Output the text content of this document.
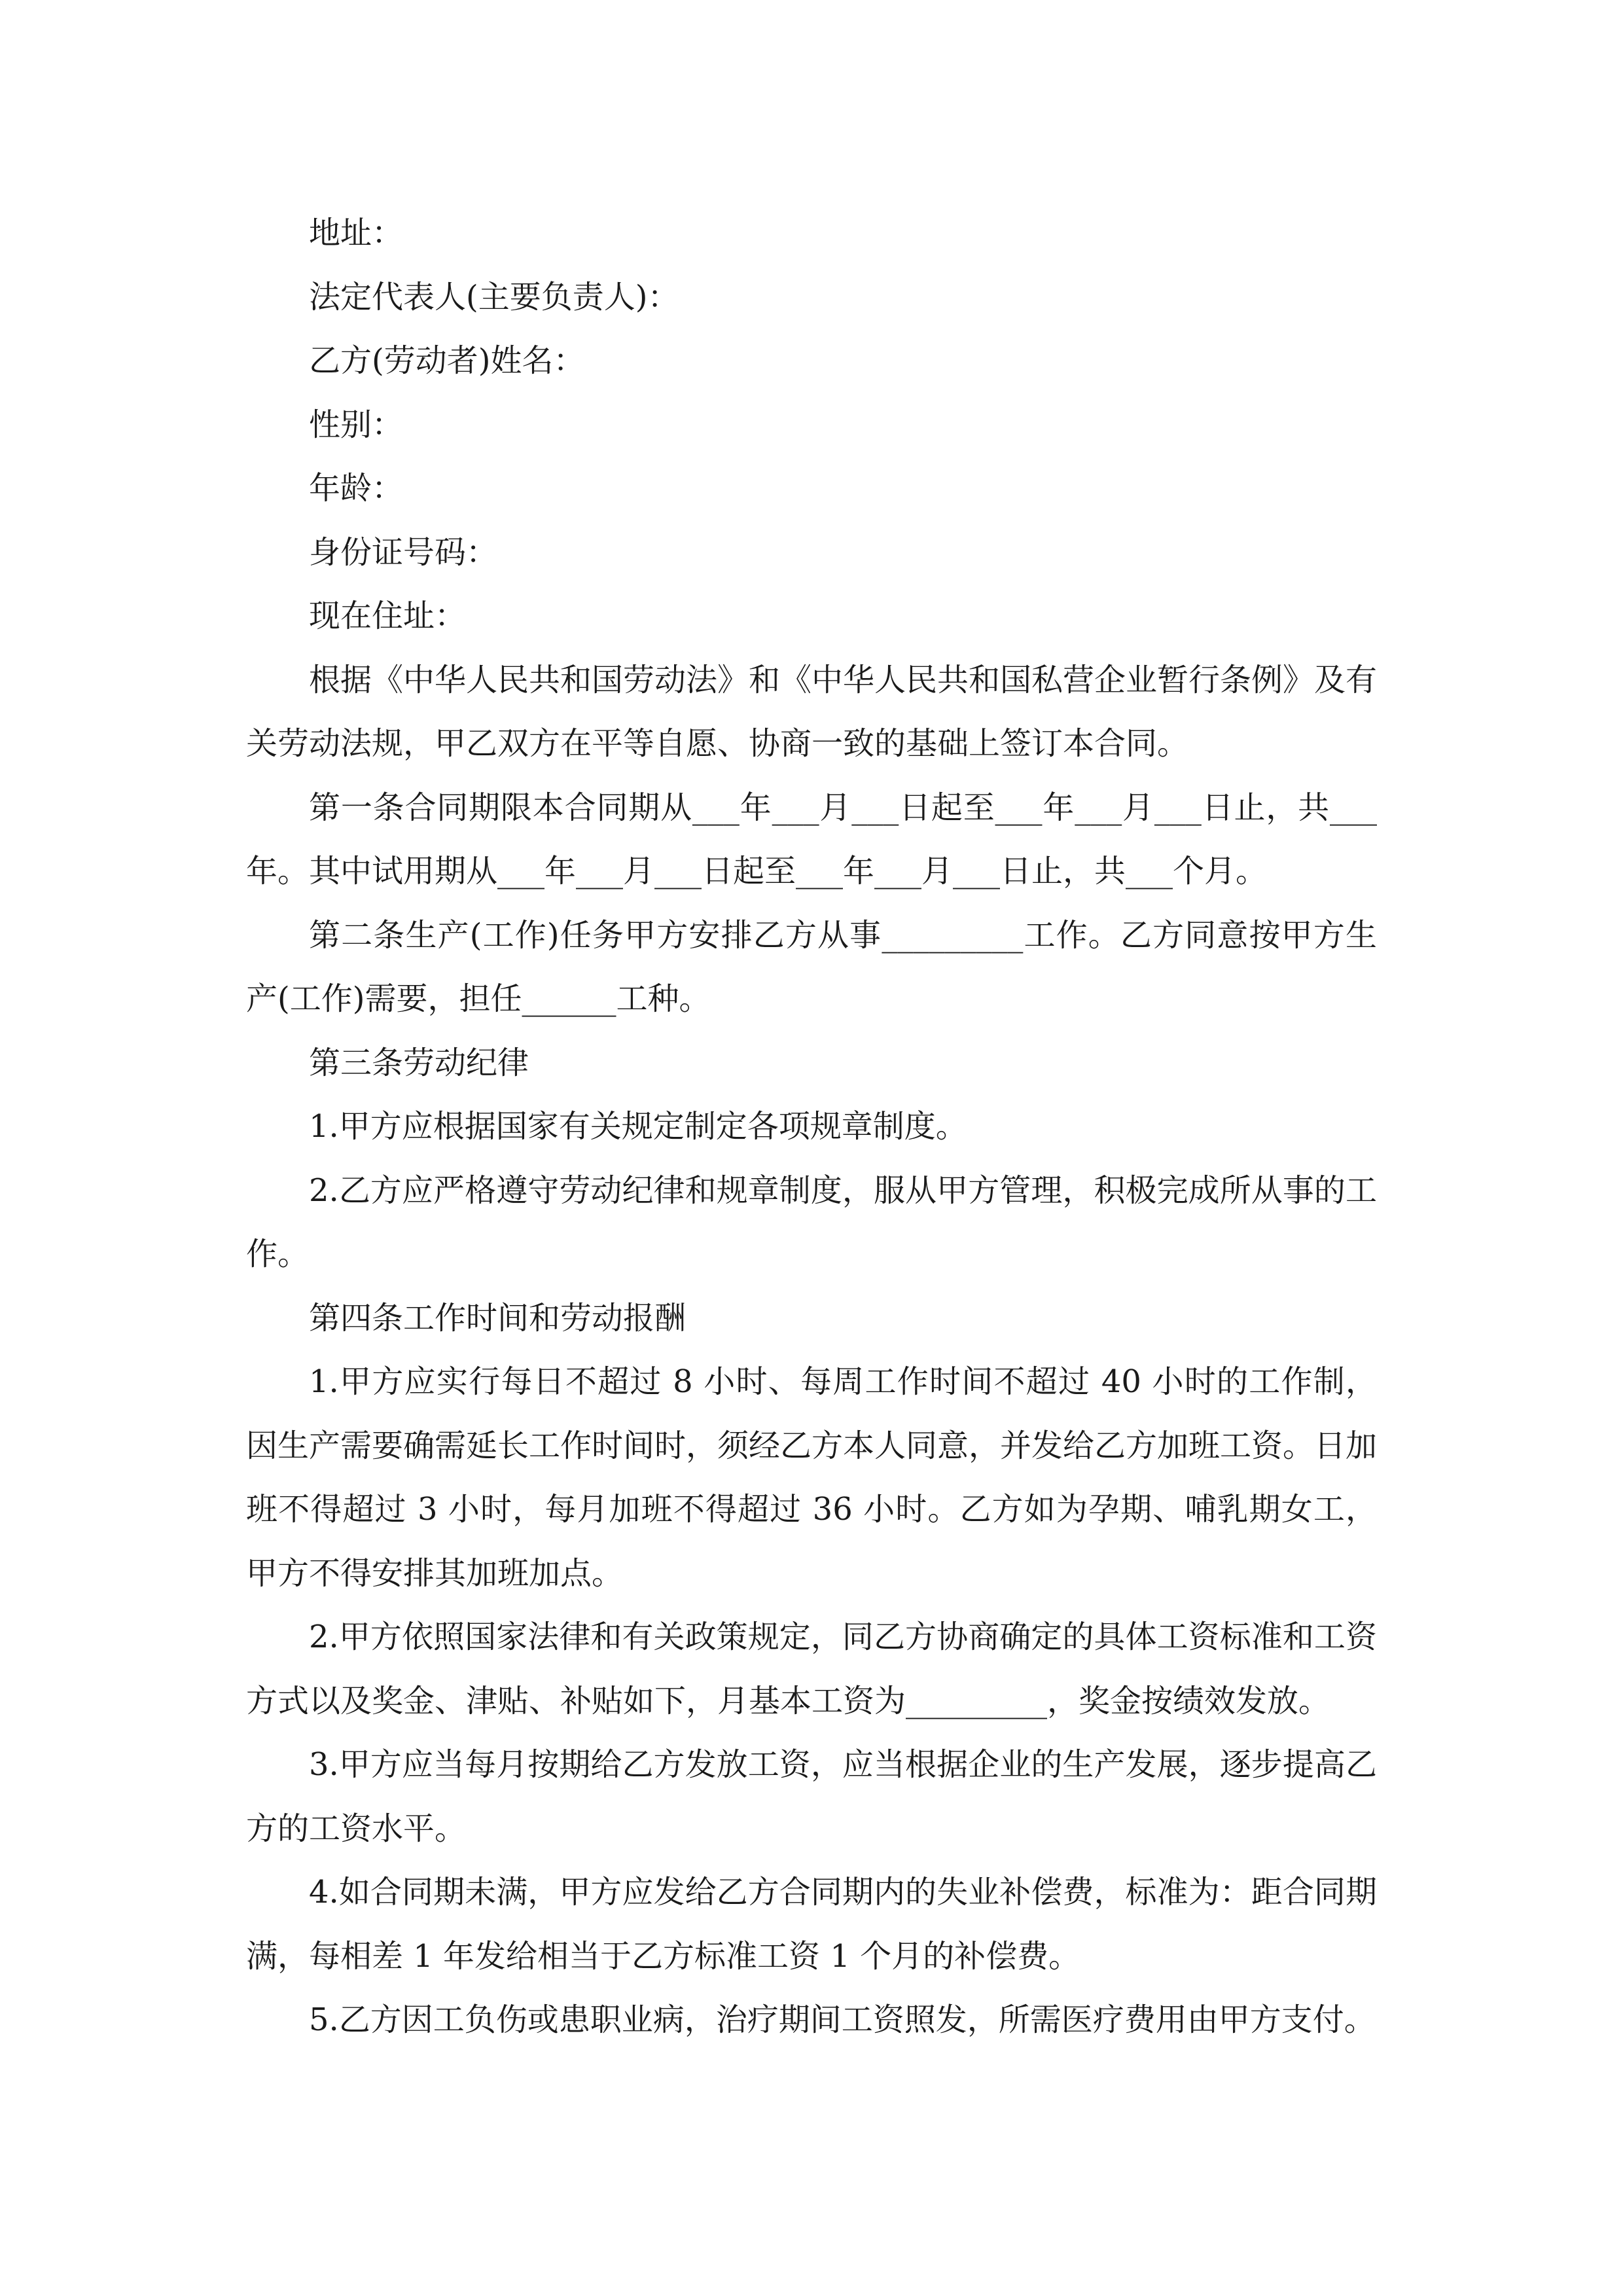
地址：

法定代表人(主要负责人)：

乙方(劳动者)姓名：

性别：

年龄：

身份证号码：

现在住址：

根据《中华人民共和国劳动法》和《中华人民共和国私营企业暂行条例》及有关劳动法规，甲乙双方在平等自愿、协商一致的基础上签订本合同。

第一条合同期限本合同期从___年___月___日起至___年___月___日止，共___年。其中试用期从___年___月___日起至___年___月___日止，共___个月。

第二条生产(工作)任务甲方安排乙方从事_________工作。乙方同意按甲方生产(工作)需要，担任______工种。

第三条劳动纪律

1.甲方应根据国家有关规定制定各项规章制度。

2.乙方应严格遵守劳动纪律和规章制度，服从甲方管理，积极完成所从事的工作。

第四条工作时间和劳动报酬

1.甲方应实行每日不超过 8 小时、每周工作时间不超过 40 小时的工作制，因生产需要确需延长工作时间时，须经乙方本人同意，并发给乙方加班工资。日加班不得超过 3 小时，每月加班不得超过 36 小时。乙方如为孕期、哺乳期女工，甲方不得安排其加班加点。

2.甲方依照国家法律和有关政策规定，同乙方协商确定的具体工资标准和工资方式以及奖金、津贴、补贴如下，月基本工资为_________，奖金按绩效发放。

3.甲方应当每月按期给乙方发放工资，应当根据企业的生产发展，逐步提高乙方的工资水平。

4.如合同期未满，甲方应发给乙方合同期内的失业补偿费，标准为：距合同期满，每相差 1 年发给相当于乙方标准工资 1 个月的补偿费。

5.乙方因工负伤或患职业病，治疗期间工资照发，所需医疗费用由甲方支付。
